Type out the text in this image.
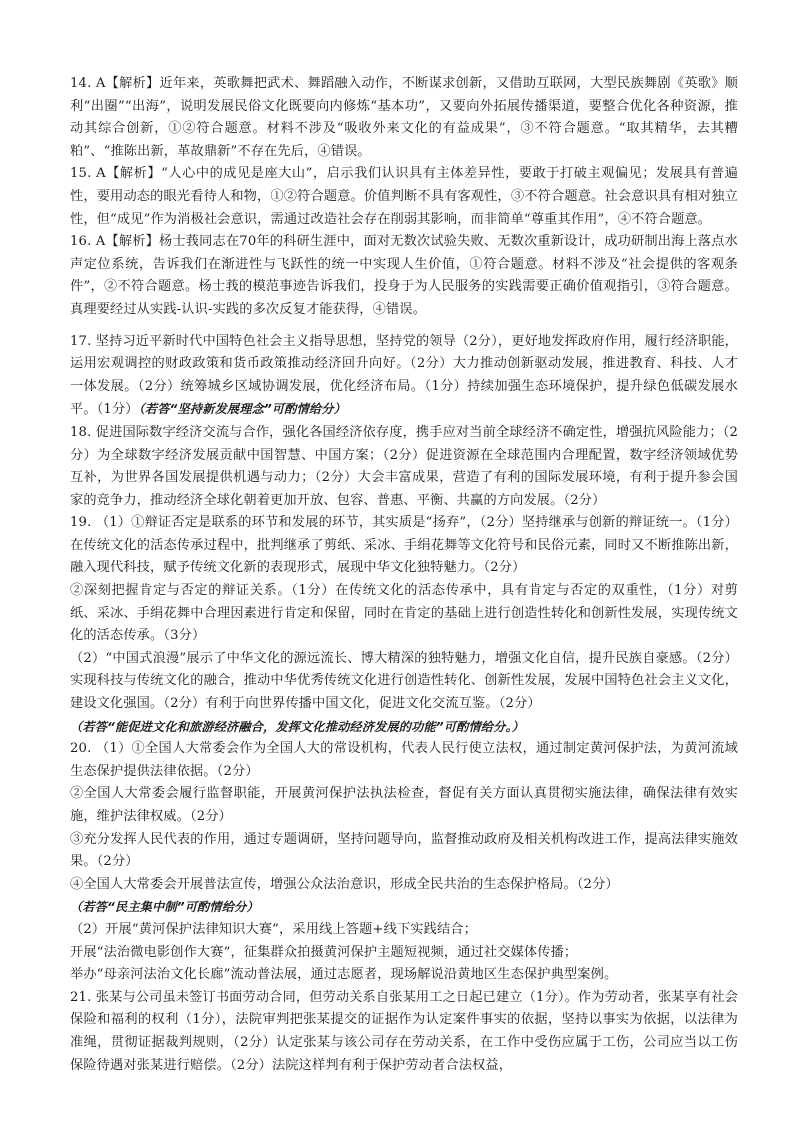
14. A【解析】近年来，英歌舞把武术、舞蹈融入动作，不断谋求创新，又借助互联网，大型民族舞剧《英歌》顺利“出圈”“出海”，说明发展民俗文化既要向内修炼“基本功”，又要向外拓展传播渠道，要整合优化各种资源，推动其综合创新，①②符合题意。材料不涉及“吸收外来文化的有益成果”，③不符合题意。“取其精华，去其糟粕”、“推陈出新，革故鼎新”不存在先后，④错误。

15. A【解析】“人心中的成见是座大山”，启示我们认识具有主体差异性，要敢于打破主观偏见；发展具有普遍性，要用动态的眼光看待人和物，①②符合题意。价值判断不具有客观性，③不符合题意。社会意识具有相对独立性，但“成见”作为消极社会意识，需通过改造社会存在削弱其影响，而非简单“尊重其作用”，④不符合题意。

16. A【解析】杨士莪同志在70年的科研生涯中，面对无数次试验失败、无数次重新设计，成功研制出海上落点水声定位系统，告诉我们在渐进性与飞跃性的统一中实现人生价值，①符合题意。材料不涉及“社会提供的客观条件”，②不符合题意。杨士莪的模范事迹告诉我们，投身于为人民服务的实践需要正确价值观指引，③符合题意。真理要经过从实践-认识-实践的多次反复才能获得，④错误。

17. 坚持习近平新时代中国特色社会主义指导思想，坚持党的领导（2分），更好地发挥政府作用，履行经济职能，运用宏观调控的财政政策和货币政策推动经济回升向好。（2分）大力推动创新驱动发展，推进教育、科技、人才一体发展。（2分）统筹城乡区域协调发展，优化经济布局。（1分）持续加强生态环境保护，提升绿色低碳发展水平。（1分）（若答“坚持新发展理念”可酌情给分）

18. 促进国际数字经济交流与合作，强化各国经济依存度，携手应对当前全球经济不确定性，增强抗风险能力；（2分）为全球数字经济发展贡献中国智慧、中国方案；（2分）促进资源在全球范围内合理配置，数字经济领域优势互补，为世界各国发展提供机遇与动力；（2分）大会丰富成果，营造了有利的国际发展环境，有利于提升参会国家的竞争力，推动经济全球化朝着更加开放、包容、普惠、平衡、共赢的方向发展。（2分）

19. （1）①辩证否定是联系的环节和发展的环节，其实质是“扬弃”，（2分）坚持继承与创新的辩证统一。（1分）在传统文化的活态传承过程中，批判继承了剪纸、采冰、手绢花舞等文化符号和民俗元素，同时又不断推陈出新，融入现代科技，赋予传统文化新的表现形式，展现中华文化独特魅力。（2分）

②深刻把握肯定与否定的辩证关系。（1分）在传统文化的活态传承中，具有肯定与否定的双重性，（1分）对剪纸、采冰、手绢花舞中合理因素进行肯定和保留，同时在肯定的基础上进行创造性转化和创新性发展，实现传统文化的活态传承。（3分）

（2）“中国式浪漫”展示了中华文化的源远流长、博大精深的独特魅力，增强文化自信，提升民族自豪感。（2分）实现科技与传统文化的融合，推动中华优秀传统文化进行创造性转化、创新性发展，发展中国特色社会主义文化，建设文化强国。（2分）有利于向世界传播中国文化，促进文化交流互鉴。（2分）

（若答“能促进文化和旅游经济融合，发挥文化推动经济发展的功能”可酌情给分。）

20. （1）①全国人大常委会作为全国人大的常设机构，代表人民行使立法权，通过制定黄河保护法，为黄河流域生态保护提供法律依据。（2分）

②全国人大常委会履行监督职能，开展黄河保护法执法检查，督促有关方面认真贯彻实施法律，确保法律有效实施，维护法律权威。（2分）

③充分发挥人民代表的作用，通过专题调研，坚持问题导向，监督推动政府及相关机构改进工作，提高法律实施效果。（2分）

④全国人大常委会开展普法宣传，增强公众法治意识，形成全民共治的生态保护格局。（2分）

（若答“民主集中制”可酌情给分）

（2）开展“黄河保护法律知识大赛”，采用线上答题+线下实践结合；

开展“法治微电影创作大赛”，征集群众拍摄黄河保护主题短视频，通过社交媒体传播；

举办“母亲河法治文化长廊”流动普法展，通过志愿者，现场解说沿黄地区生态保护典型案例。

21. 张某与公司虽未签订书面劳动合同，但劳动关系自张某用工之日起已建立（1分）。作为劳动者，张某享有社会保险和福利的权利（1分），法院审判把张某提交的证据作为认定案件事实的依据，坚持以事实为依据，以法律为准绳，贯彻证据裁判规则，（2分）认定张某与该公司存在劳动关系，在工作中受伤应属于工伤，公司应当以工伤保险待遇对张某进行赔偿。（2分）法院这样判有利于保护劳动者合法权益，
